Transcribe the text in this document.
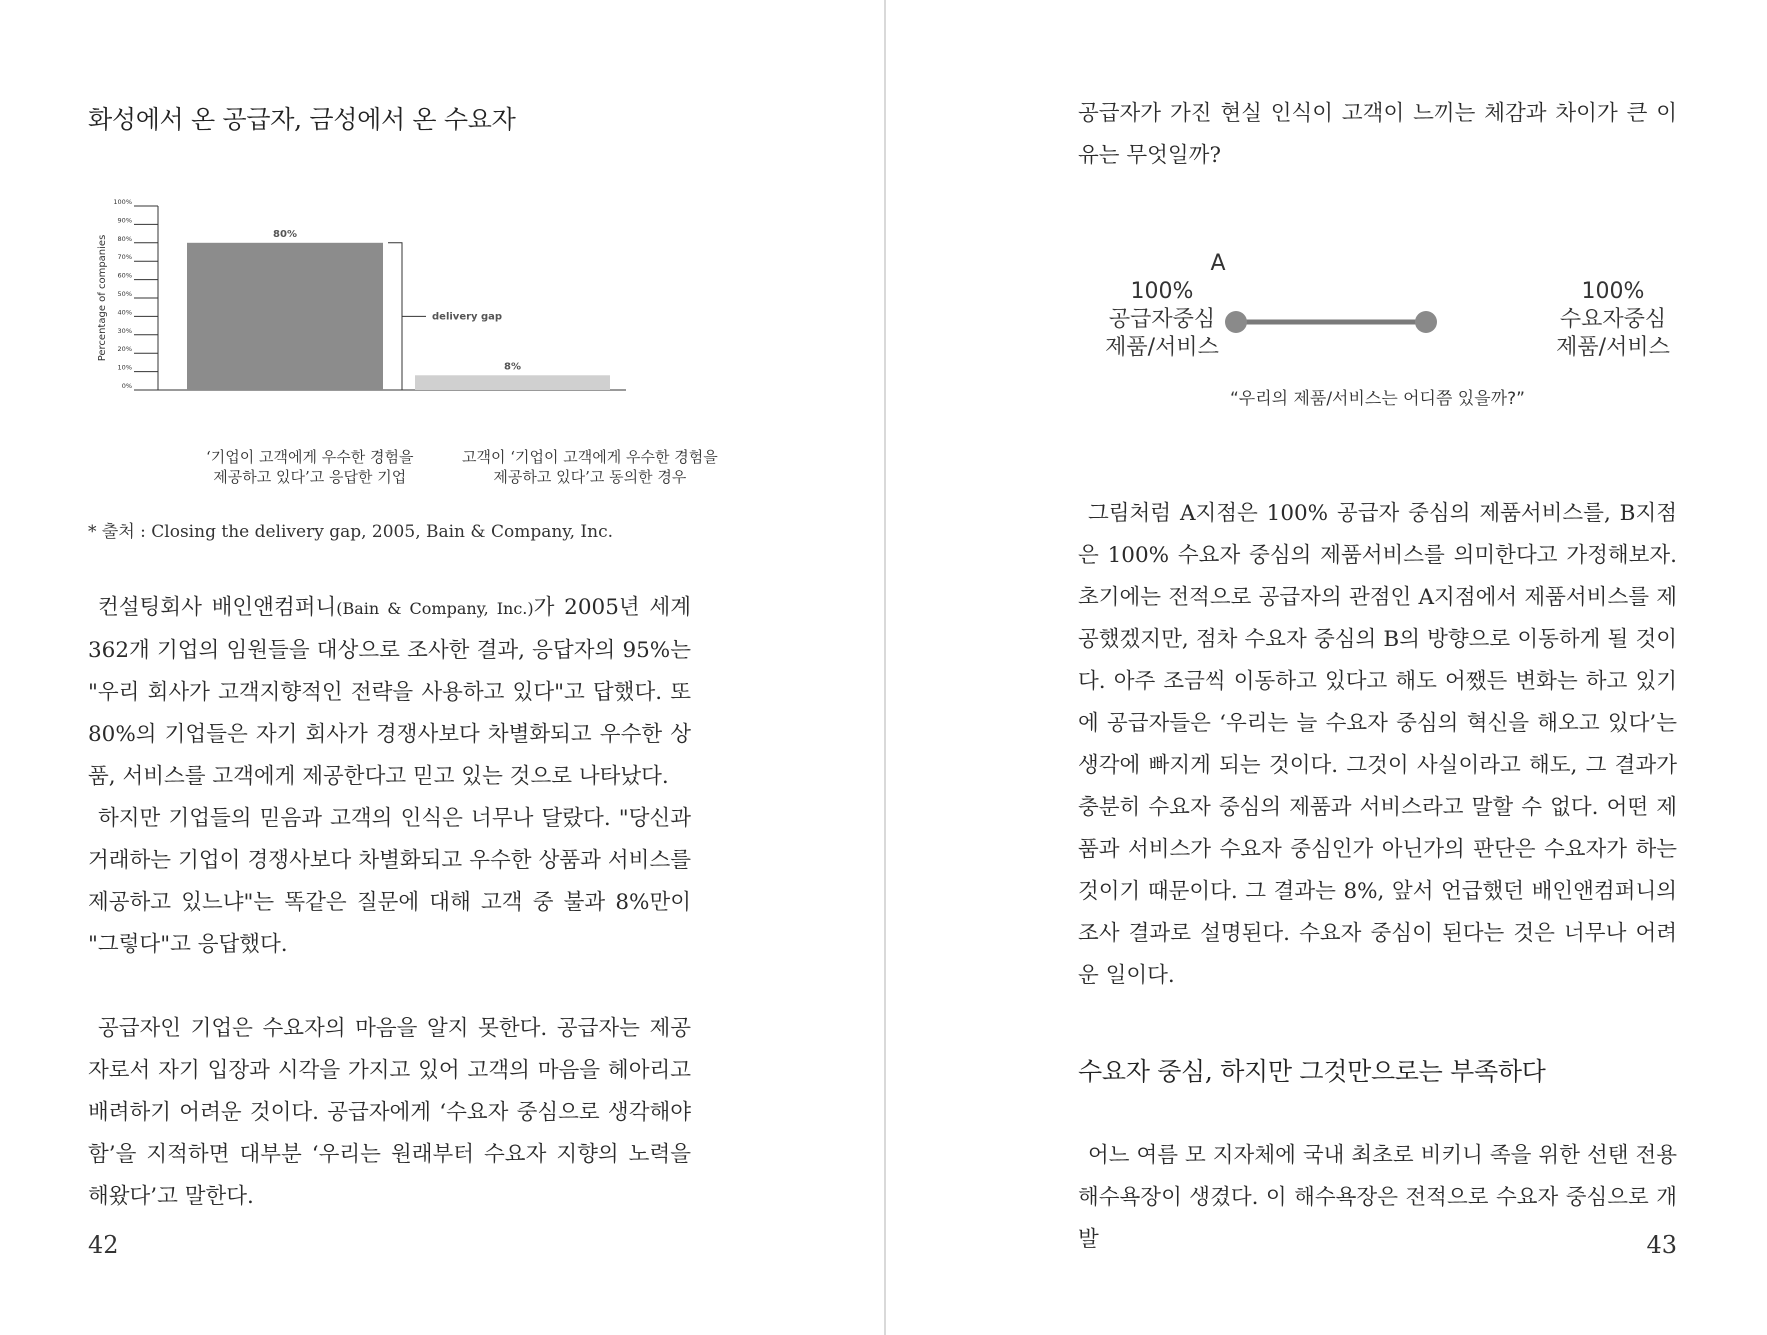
화성에서 온 공급자, 금성에서 온 수요자
Percentage of companies
0%
10%
20%
30%
40%
50%
60%
70%
80%
90%
100%
80%
8%
delivery gap
‘기업이 고객에게 우수한 경험을
제공하고 있다’고 응답한 기업
고객이 ‘기업이 고객에게 우수한 경험을
제공하고 있다’고 동의한 경우
* 출처 : Closing the delivery gap, 2005, Bain & Company, Inc.

컨설팅회사 배인앤컴퍼니(Bain & Company, Inc.)가 2005년 세계 362개 기업의 임원들을 대상으로 조사한 결과, 응답자의 95%는 "우리 회사가 고객지향적인 전략을 사용하고 있다"고 답했다. 또 80%의 기업들은 자기 회사가 경쟁사보다 차별화되고 우수한 상품, 서비스를 고객에게 제공한다고 믿고 있는 것으로 나타났다.

하지만 기업들의 믿음과 고객의 인식은 너무나 달랐다. "당신과 거래하는 기업이 경쟁사보다 차별화되고 우수한 상품과 서비스를 제공하고 있느냐"는 똑같은 질문에 대해 고객 중 불과 8%만이 "그렇다"고 응답했다.

공급자인 기업은 수요자의 마음을 알지 못한다. 공급자는 제공자로서 자기 입장과 시각을 가지고 있어 고객의 마음을 헤아리고 배려하기 어려운 것이다. 공급자에게 ‘수요자 중심으로 생각해야 함’을 지적하면 대부분 ‘우리는 원래부터 수요자 지향의 노력을 해왔다’고 말한다.

42

공급자가 가진 현실 인식이 고객이 느끼는 체감과 차이가 큰 이유는 무엇일까?

A
100%
공급자중심
제품/서비스
100%
수요자중심
제품/서비스
“우리의 제품/서비스는 어디쯤 있을까?”

그림처럼 A지점은 100% 공급자 중심의 제품서비스를, B지점은 100% 수요자 중심의 제품서비스를 의미한다고 가정해보자. 초기에는 전적으로 공급자의 관점인 A지점에서 제품서비스를 제공했겠지만, 점차 수요자 중심의 B의 방향으로 이동하게 될 것이다. 아주 조금씩 이동하고 있다고 해도 어쨌든 변화는 하고 있기에 공급자들은 ‘우리는 늘 수요자 중심의 혁신을 해오고 있다’는 생각에 빠지게 되는 것이다. 그것이 사실이라고 해도, 그 결과가 충분히 수요자 중심의 제품과 서비스라고 말할 수 없다. 어떤 제품과 서비스가 수요자 중심인가 아닌가의 판단은 수요자가 하는 것이기 때문이다. 그 결과는 8%, 앞서 언급했던 배인앤컴퍼니의 조사 결과로 설명된다. 수요자 중심이 된다는 것은 너무나 어려운 일이다.

수요자 중심, 하지만 그것만으로는 부족하다

어느 여름 모 지자체에 국내 최초로 비키니 족을 위한 선탠 전용 해수욕장이 생겼다. 이 해수욕장은 전적으로 수요자 중심으로 개발	43
